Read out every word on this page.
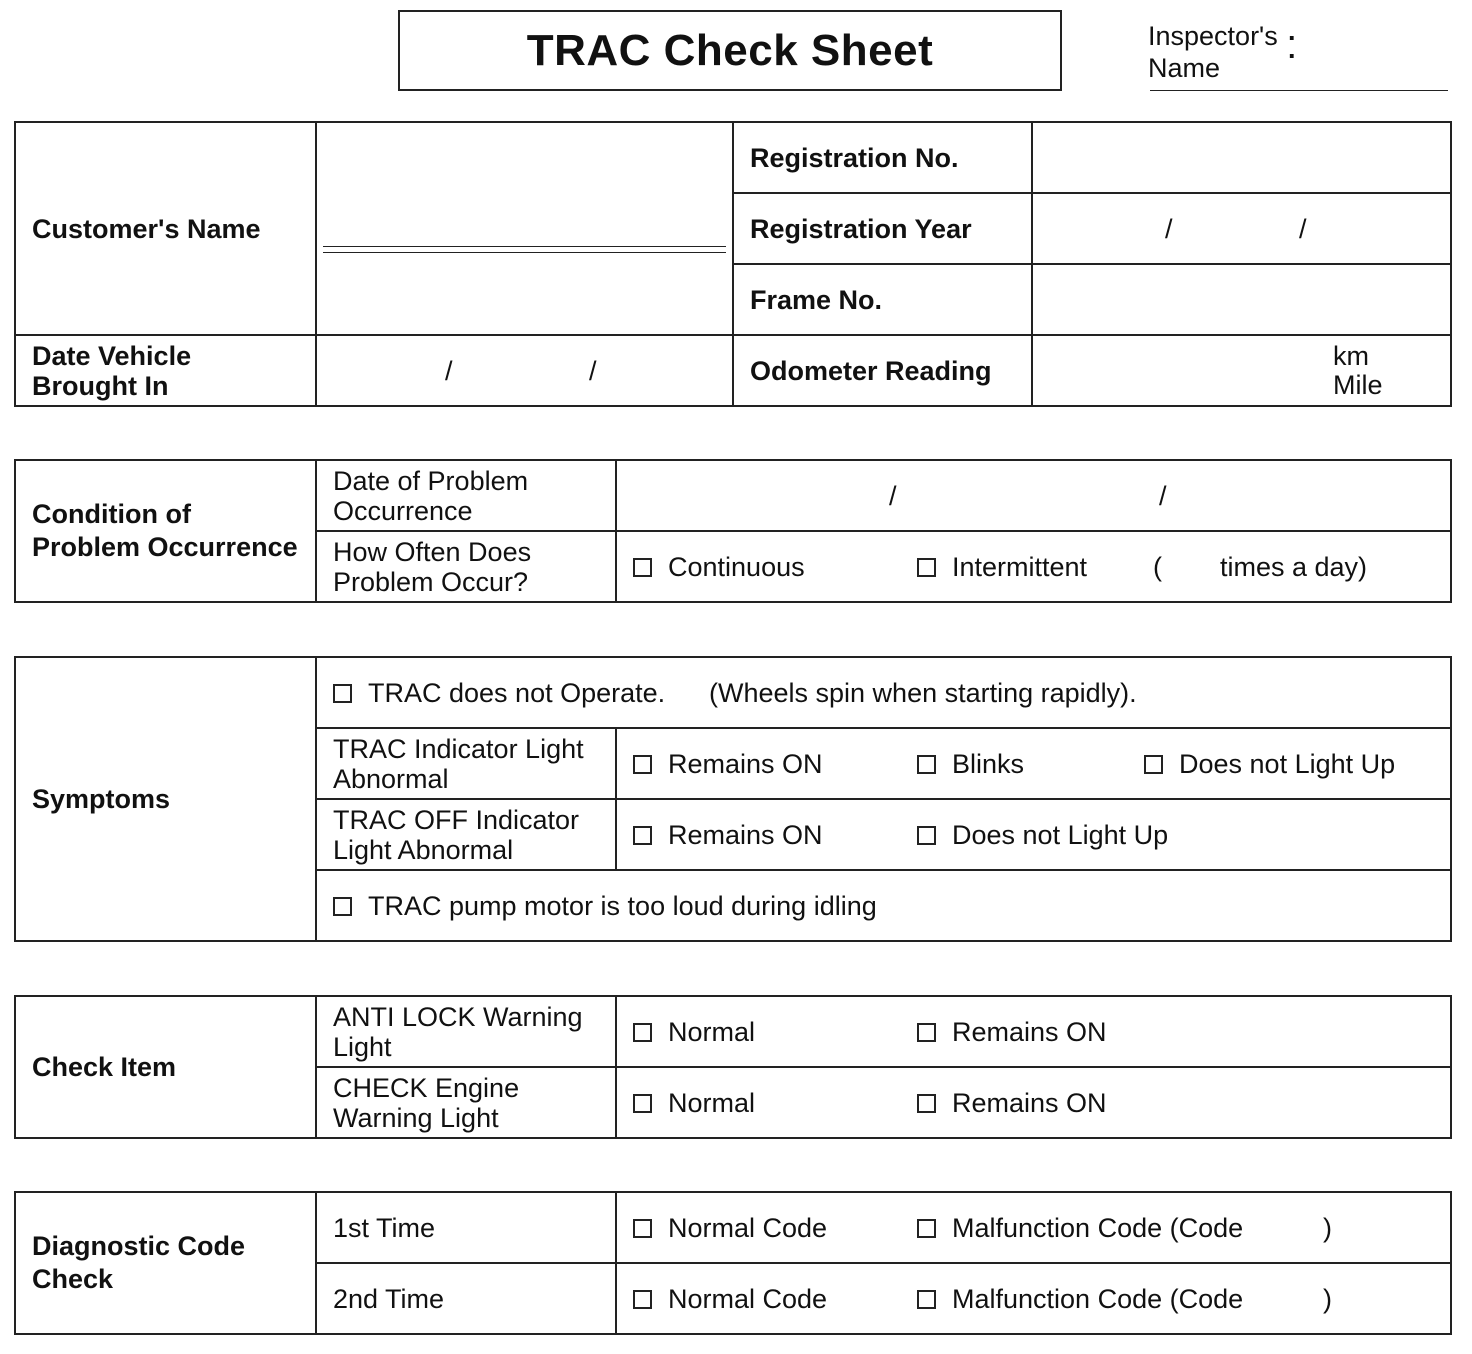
TRAC Check Sheet	Inspector's
Name
.
.
Customer's Name		Registration No.	
		Registration Year	/ /

		Frame No.	
Date Vehicle Brought In	/ /	Odometer Reading	km
Mile
Condition of Problem Occurrence	Date of Problem Occurrence	/ /

	How Often Does Problem Occur?	Continuous Intermittent ( times a day)
Symptoms	TRAC does not Operate. (Wheels spin when starting rapidly).	

	TRAC Indicator Light Abnormal	Remains ON Blinks Does not Light Up

	TRAC OFF Indicator Light Abnormal	Remains ON Does not Light Up

	TRAC pump motor is too loud during idling	
Check Item	ANTI LOCK Warning Light	Normal Remains ON

	CHECK Engine Warning Light	Normal Remains ON
Diagnostic Code Check	1st Time	Normal Code Malfunction Code (Code )

	2nd Time	Normal Code Malfunction Code (Code )
